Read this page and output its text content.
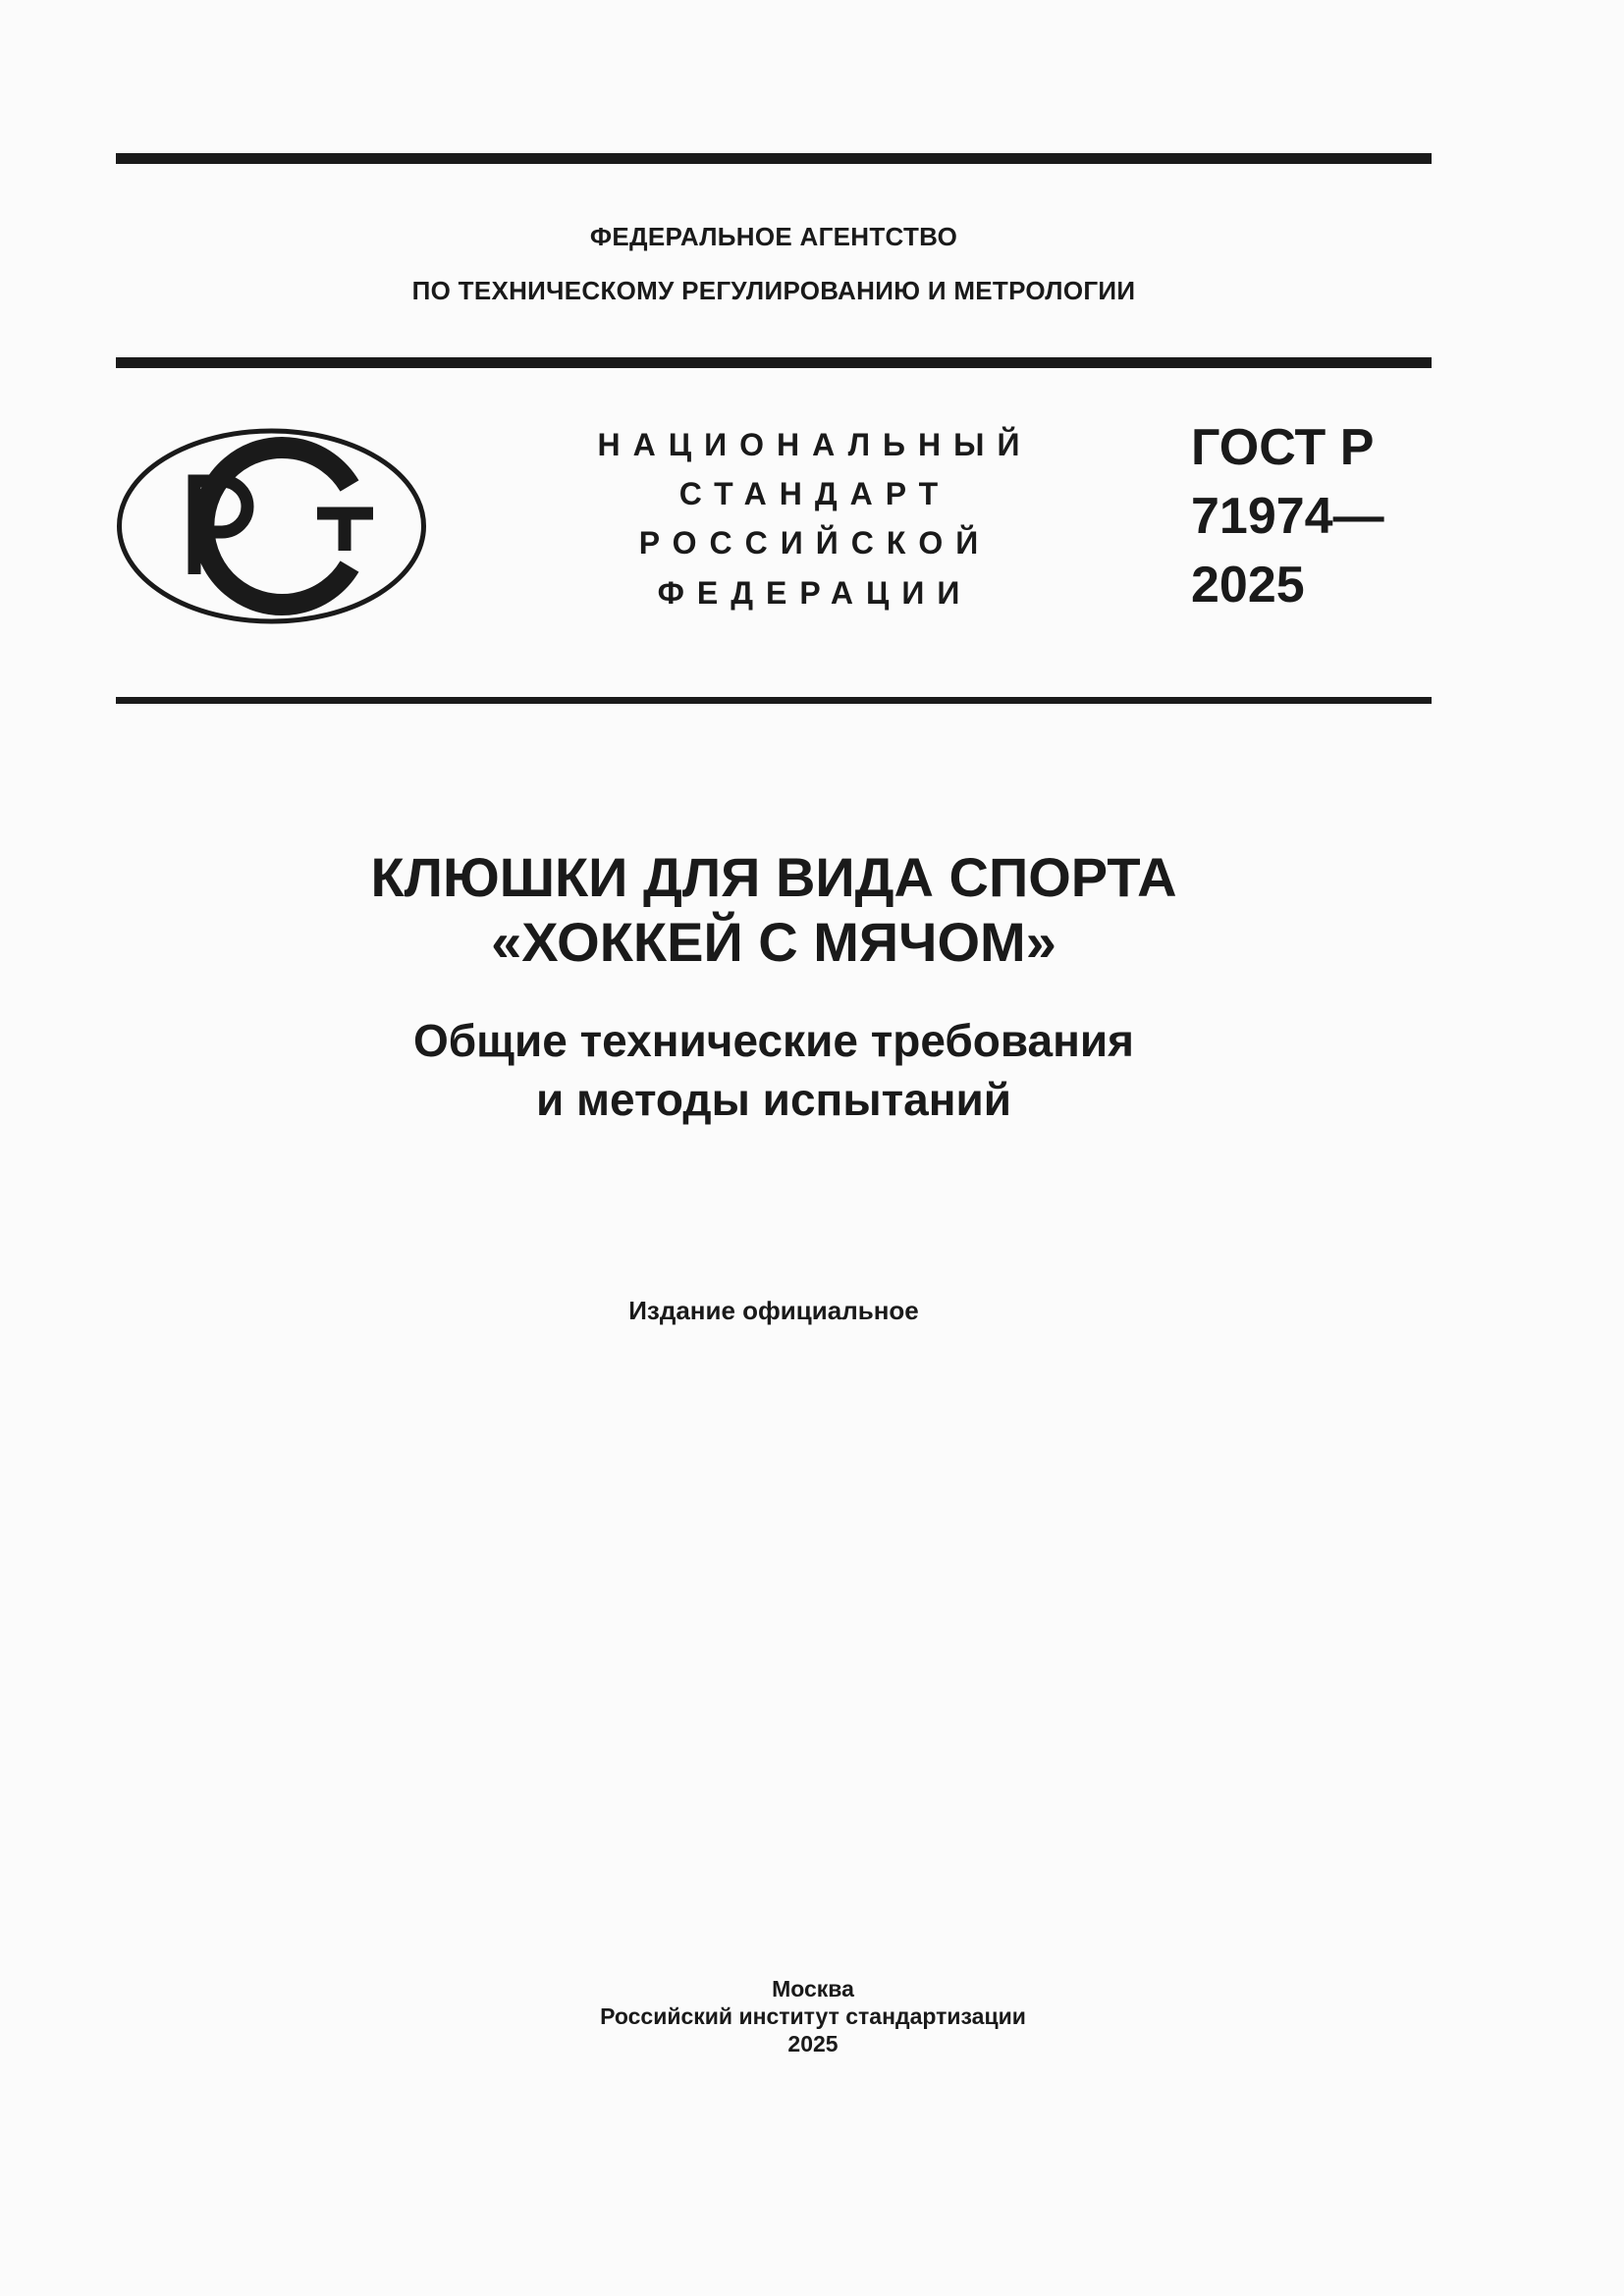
ФЕДЕРАЛЬНОЕ АГЕНТСТВО
ПО ТЕХНИЧЕСКОМУ РЕГУЛИРОВАНИЮ И МЕТРОЛОГИИ
НАЦИОНАЛЬНЫЙ
СТАНДАРТ
РОССИЙСКОЙ
ФЕДЕРАЦИИ
ГОСТ Р
71974—
2025
КЛЮШКИ ДЛЯ ВИДА СПОРТА
«ХОККЕЙ С МЯЧОМ»
Общие технические требования
и методы испытаний
Издание официальное
Москва
Российский институт стандартизации
2025
